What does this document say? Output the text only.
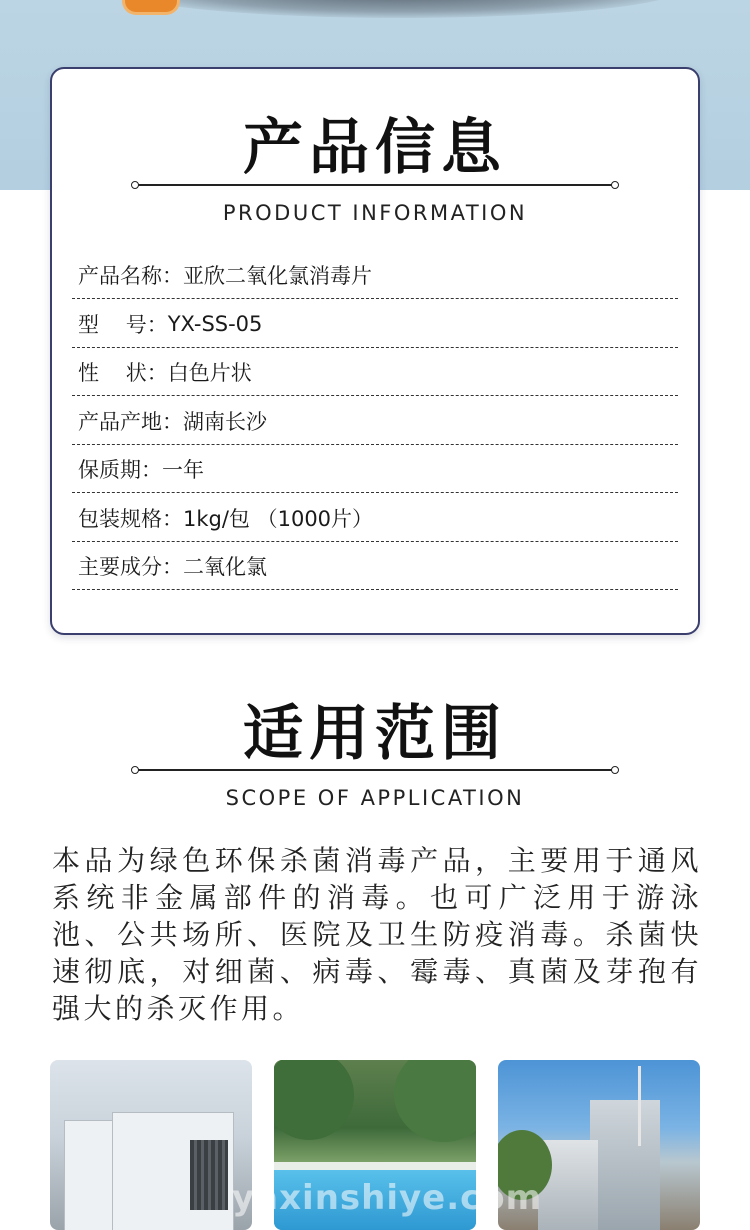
产品信息
PRODUCT INFORMATION
产品名称： 亚欣二氧化氯消毒片
型    号： YX-SS-05
性    状： 白色片状
产品产地： 湖南长沙
保质期： 一年
包装规格： 1kg/包 （1000片）
主要成分： 二氧化氯
适用范围
SCOPE OF APPLICATION

本品为绿色环保杀菌消毒产品，主要用于通风系统非金属部件的消毒。也可广泛用于游泳池、公共场所、医院及卫生防疫消毒。杀菌快速彻底，对细菌、病毒、霉毒、真菌及芽孢有强大的杀灭作用。

yaxinshiye.com
